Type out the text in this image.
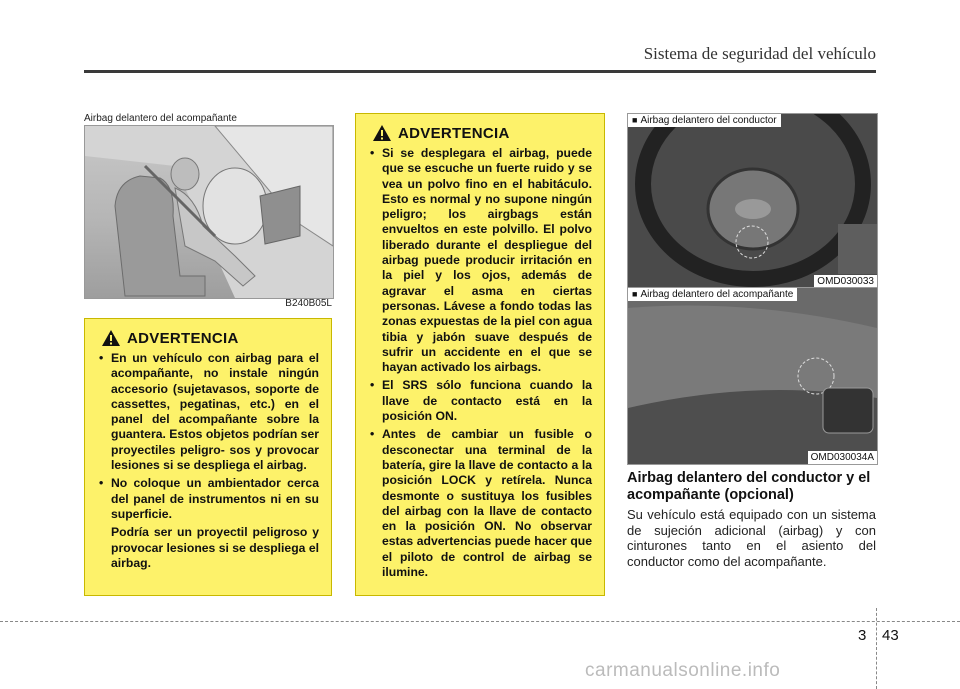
Sistema de seguridad del vehículo
Airbag delantero del acompañante
B240B05L
ADVERTENCIA
• En un vehículo con airbag para el acompañante, no instale ningún accesorio (sujetavasos, soporte de cassettes, pegatinas, etc.) en el panel del acompañante sobre la guantera. Estos objetos podrían ser proyectiles peligro- sos y provocar lesiones si se despliega el airbag.
• No coloque un ambientador cerca del panel de instrumentos ni en su superficie.
Podría ser un proyectil peligroso y provocar lesiones si se despliega el airbag.
ADVERTENCIA
• Si se desplegara el airbag, puede que se escuche un fuerte ruido y se vea un polvo fino en el habitáculo. Esto es normal y no supone ningún peligro; los airgbags están envueltos en este polvillo. El polvo liberado durante el despliegue del airbag puede producir irritación en la piel y los ojos, además de agravar el asma en ciertas personas. Lávese a fondo todas las zonas expuestas de la piel con agua tibia y jabón suave después de sufrir un accidente en el que se hayan activado los airbags.
• El SRS sólo funciona cuando la llave de contacto está en la posición ON.
• Antes de cambiar un fusible o desconectar una terminal de la batería, gire la llave de contacto a la posición LOCK y retírela. Nunca desmonte o sustituya los fusibles del airbag con la llave de contacto en la posición ON. No observar estas advertencias puede hacer que el piloto de control de airbag se ilumine.
■ Airbag delantero del conductor
OMD030033
■ Airbag delantero del acompañante
OMD030034A
Airbag delantero del conductor y el acompañante (opcional)
Su vehículo está equipado con un sistema de sujeción adicional (airbag) y con cinturones tanto en el asiento del conductor como del acompañante.
3 43
carmanualsonline.info
